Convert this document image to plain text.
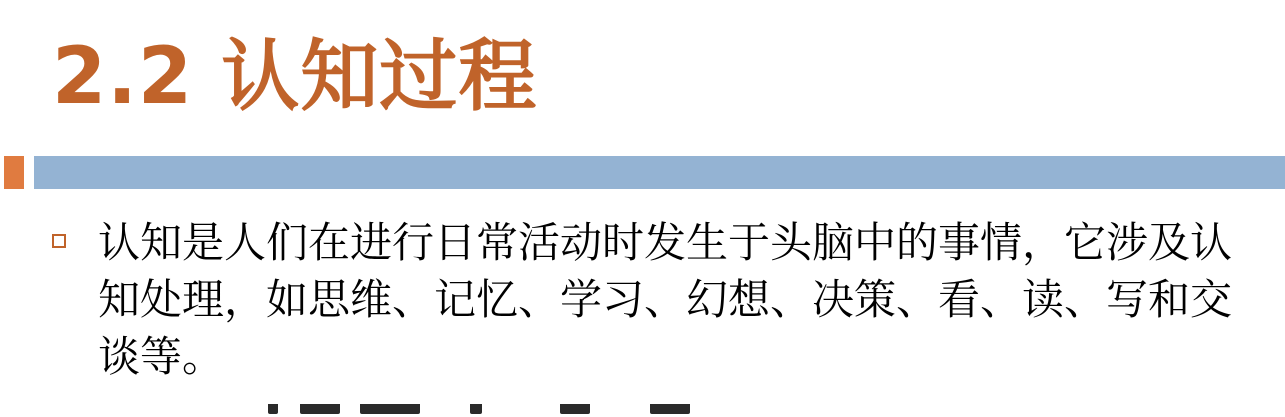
2.2 认知过程

认知是人们在进行日常活动时发生于头脑中的事情，它涉及认知处理，如思维、记忆、学习、幻想、决策、看、读、写和交谈等。
